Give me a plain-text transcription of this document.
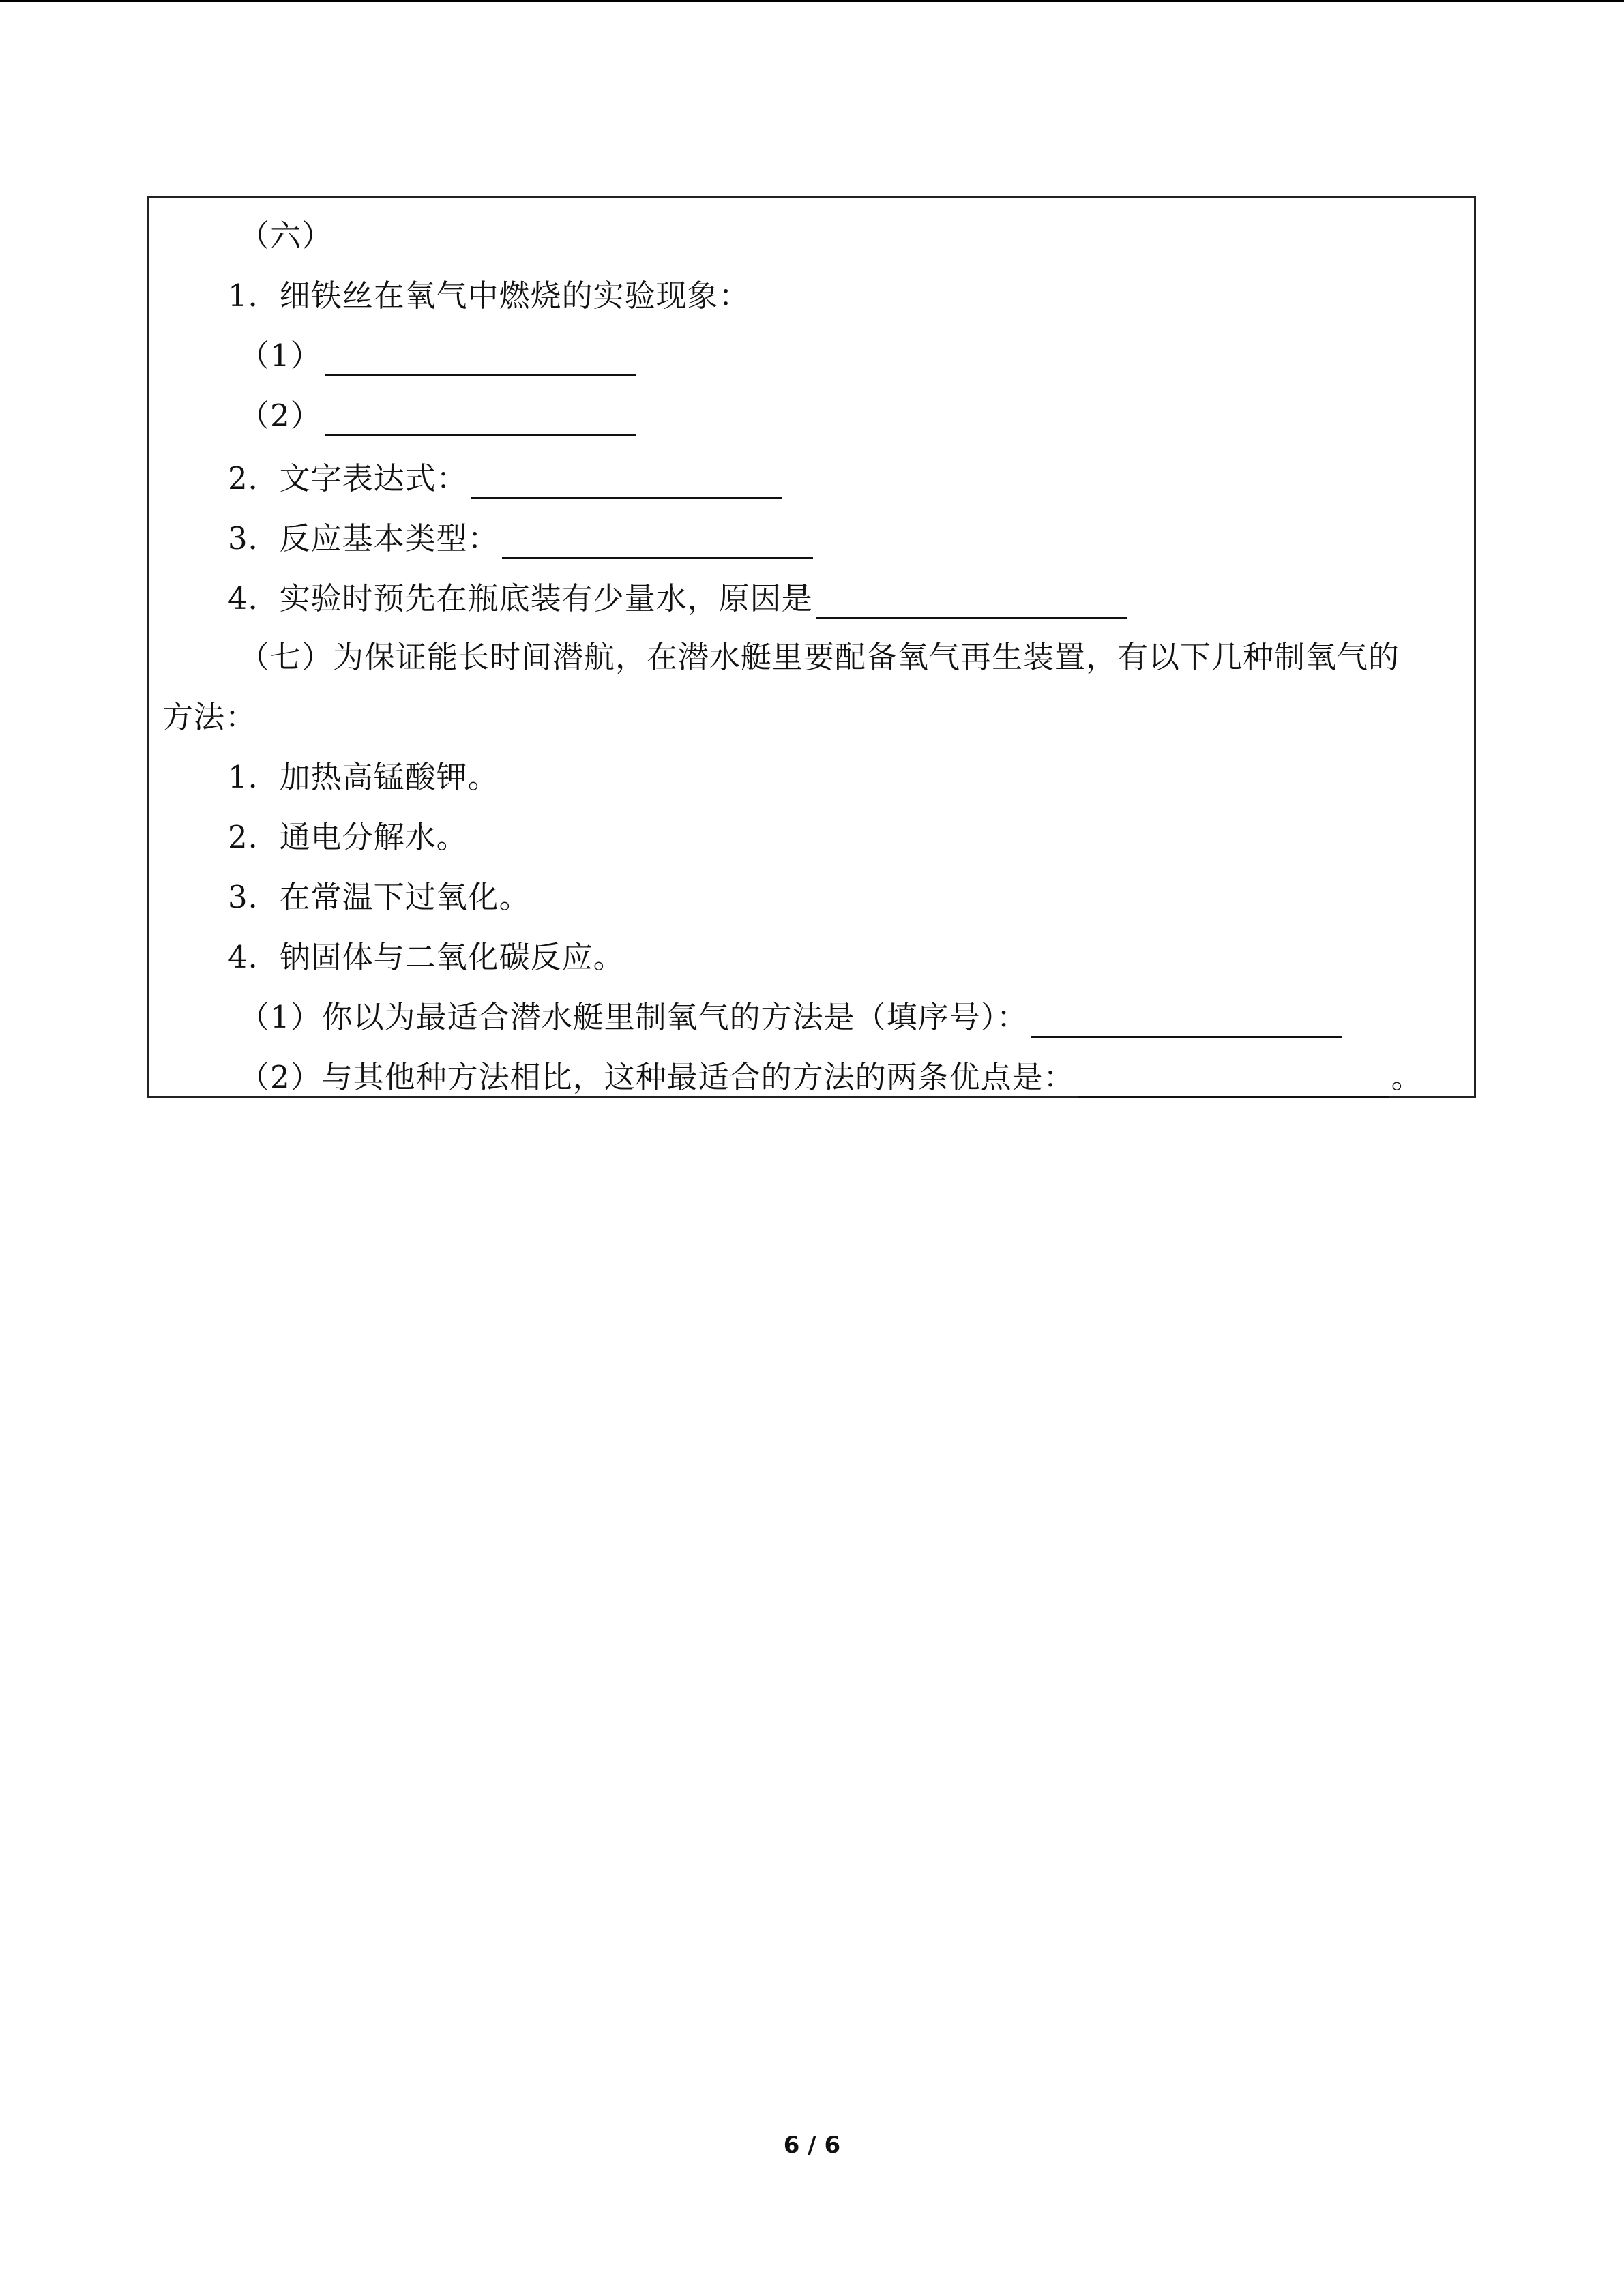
（六）
1．细铁丝在氧气中燃烧的实验现象：
（1）
（2）
2．文字表达式：
3．反应基本类型：
4．实验时预先在瓶底装有少量水，原因是
（七）为保证能长时间潜航，在潜水艇里要配备氧气再生装置，有以下几种制氧气的
方法：
1．加热高锰酸钾。
2．通电分解水。
3．在常温下过氧化。
4．钠固体与二氧化碳反应。
（1）你以为最适合潜水艇里制氧气的方法是（填序号）：
（2）与其他种方法相比，这种最适合的方法的两条优点是：	。
6 / 6
